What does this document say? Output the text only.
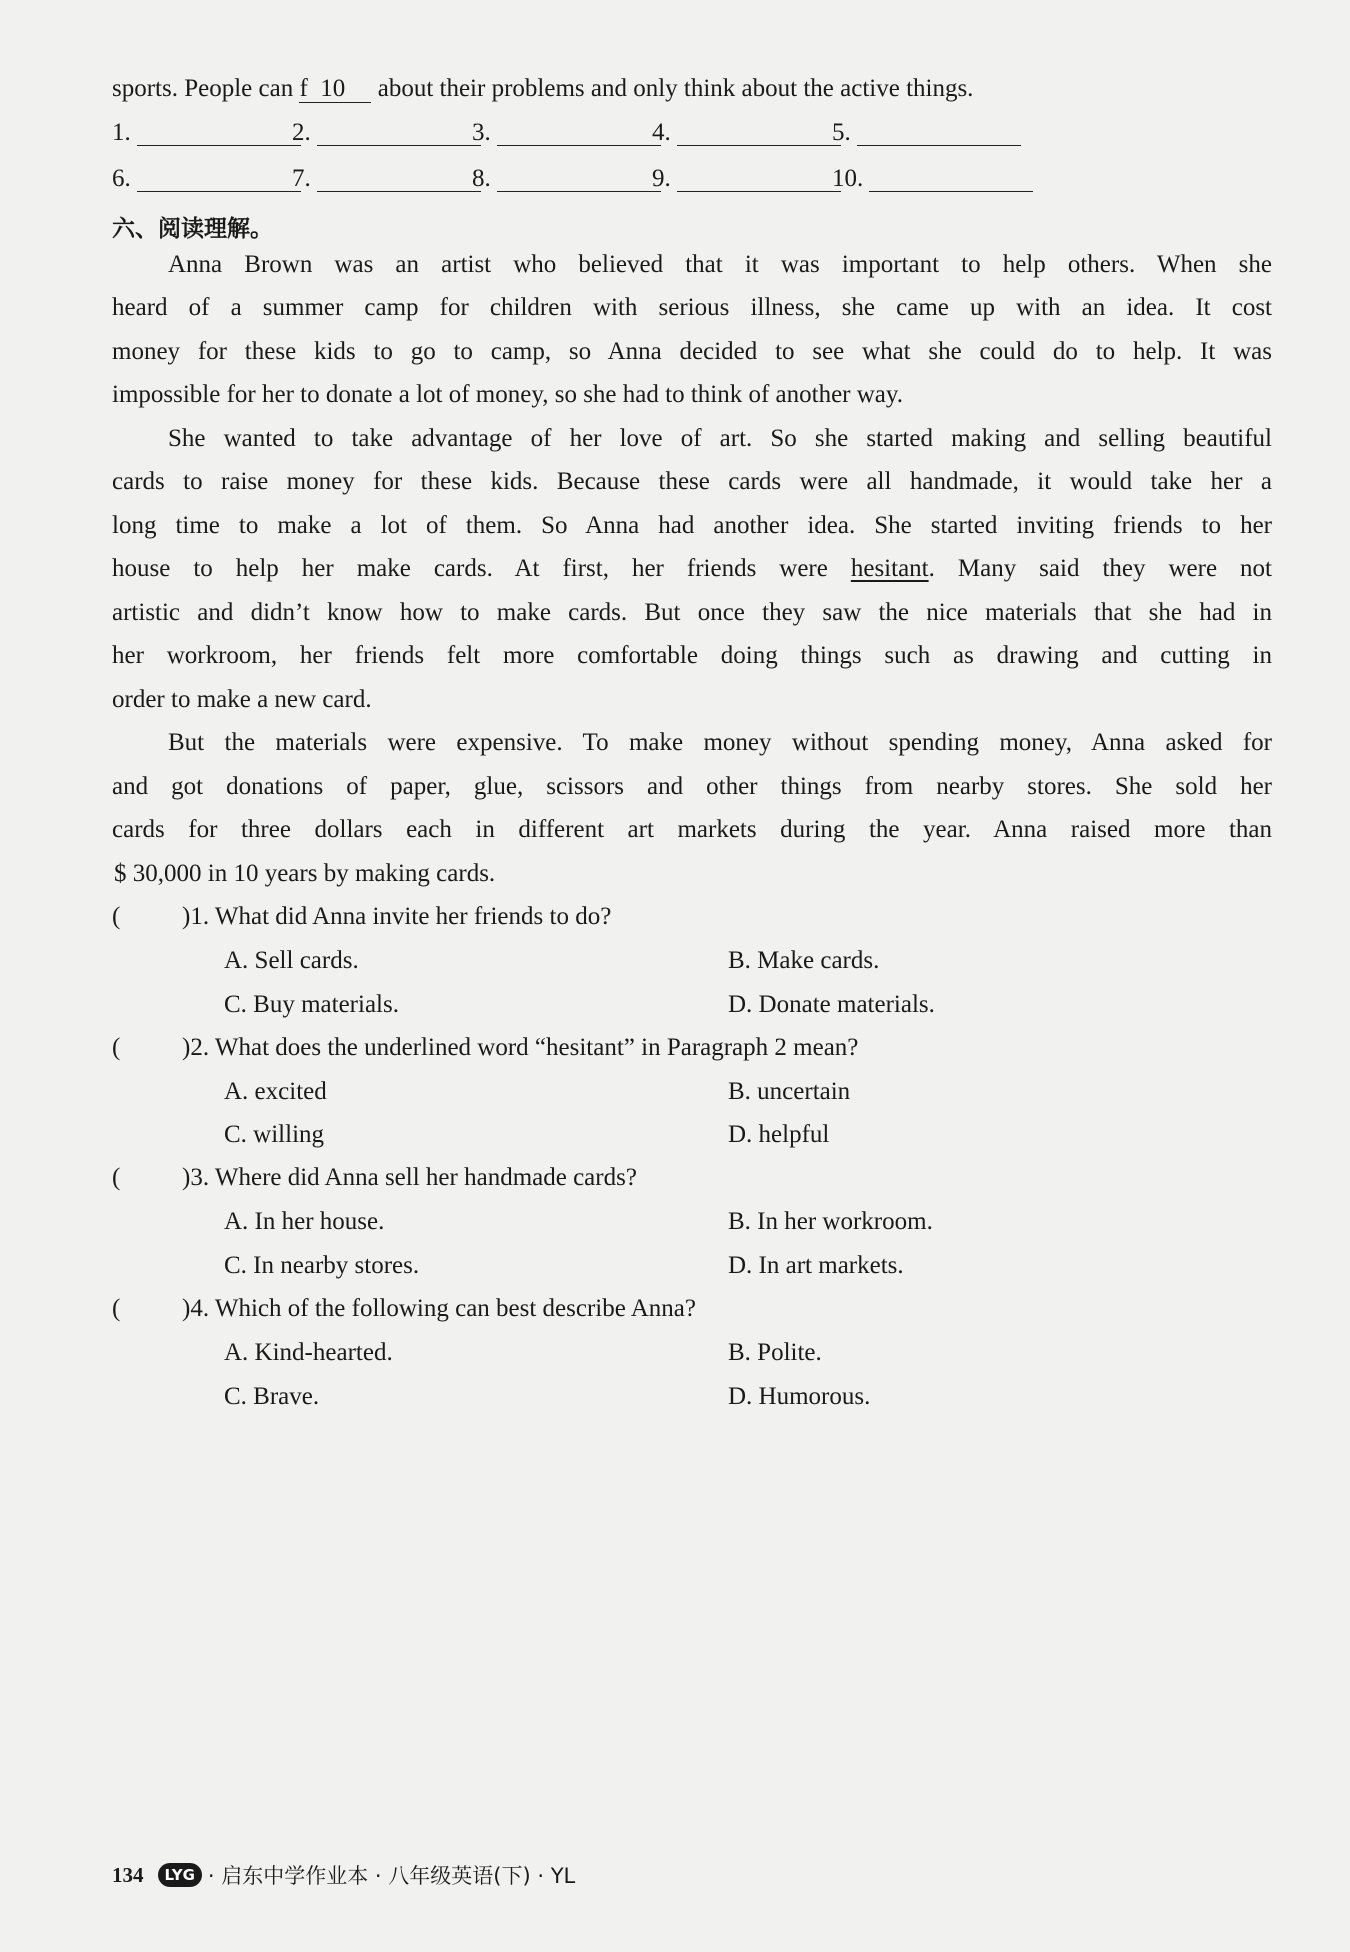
sports. People can f 10 about their problems and only think about the active things.
1.	2.	3.	4.	5.
6.	7.	8.	9.	10.
六、阅读理解。
Anna Brown was an artist who believed that it was important to help others. When she
heard of a summer camp for children with serious illness, she came up with an idea. It cost
money for these kids to go to camp, so Anna decided to see what she could do to help. It was
impossible for her to donate a lot of money, so she had to think of another way.
She wanted to take advantage of her love of art. So she started making and selling beautiful
cards to raise money for these kids. Because these cards were all handmade, it would take her a
long time to make a lot of them. So Anna had another idea. She started inviting friends to her
house to help her make cards. At first, her friends were hesitant. Many said they were not
artistic and didn’t know how to make cards. But once they saw the nice materials that she had in
her workroom, her friends felt more comfortable doing things such as drawing and cutting in
order to make a new card.
But the materials were expensive. To make money without spending money, Anna asked for
and got donations of paper, glue, scissors and other things from nearby stores. She sold her
cards for three dollars each in different art markets during the year. Anna raised more than
$ 30,000 in 10 years by making cards.
( )1. What did Anna invite her friends to do?
A. Sell cards.	B. Make cards.
C. Buy materials.	D. Donate materials.
( )2. What does the underlined word “hesitant” in Paragraph 2 mean?
A. excited	B. uncertain
C. willing	D. helpful
( )3. Where did Anna sell her handmade cards?
A. In her house.	B. In her workroom.
C. In nearby stores.	D. In art markets.
( )4. Which of the following can best describe Anna?
A. Kind-hearted.	B. Polite.
C. Brave.	D. Humorous.
134	LYG · 启东中学作业本 · 八年级英语(下) · YL
